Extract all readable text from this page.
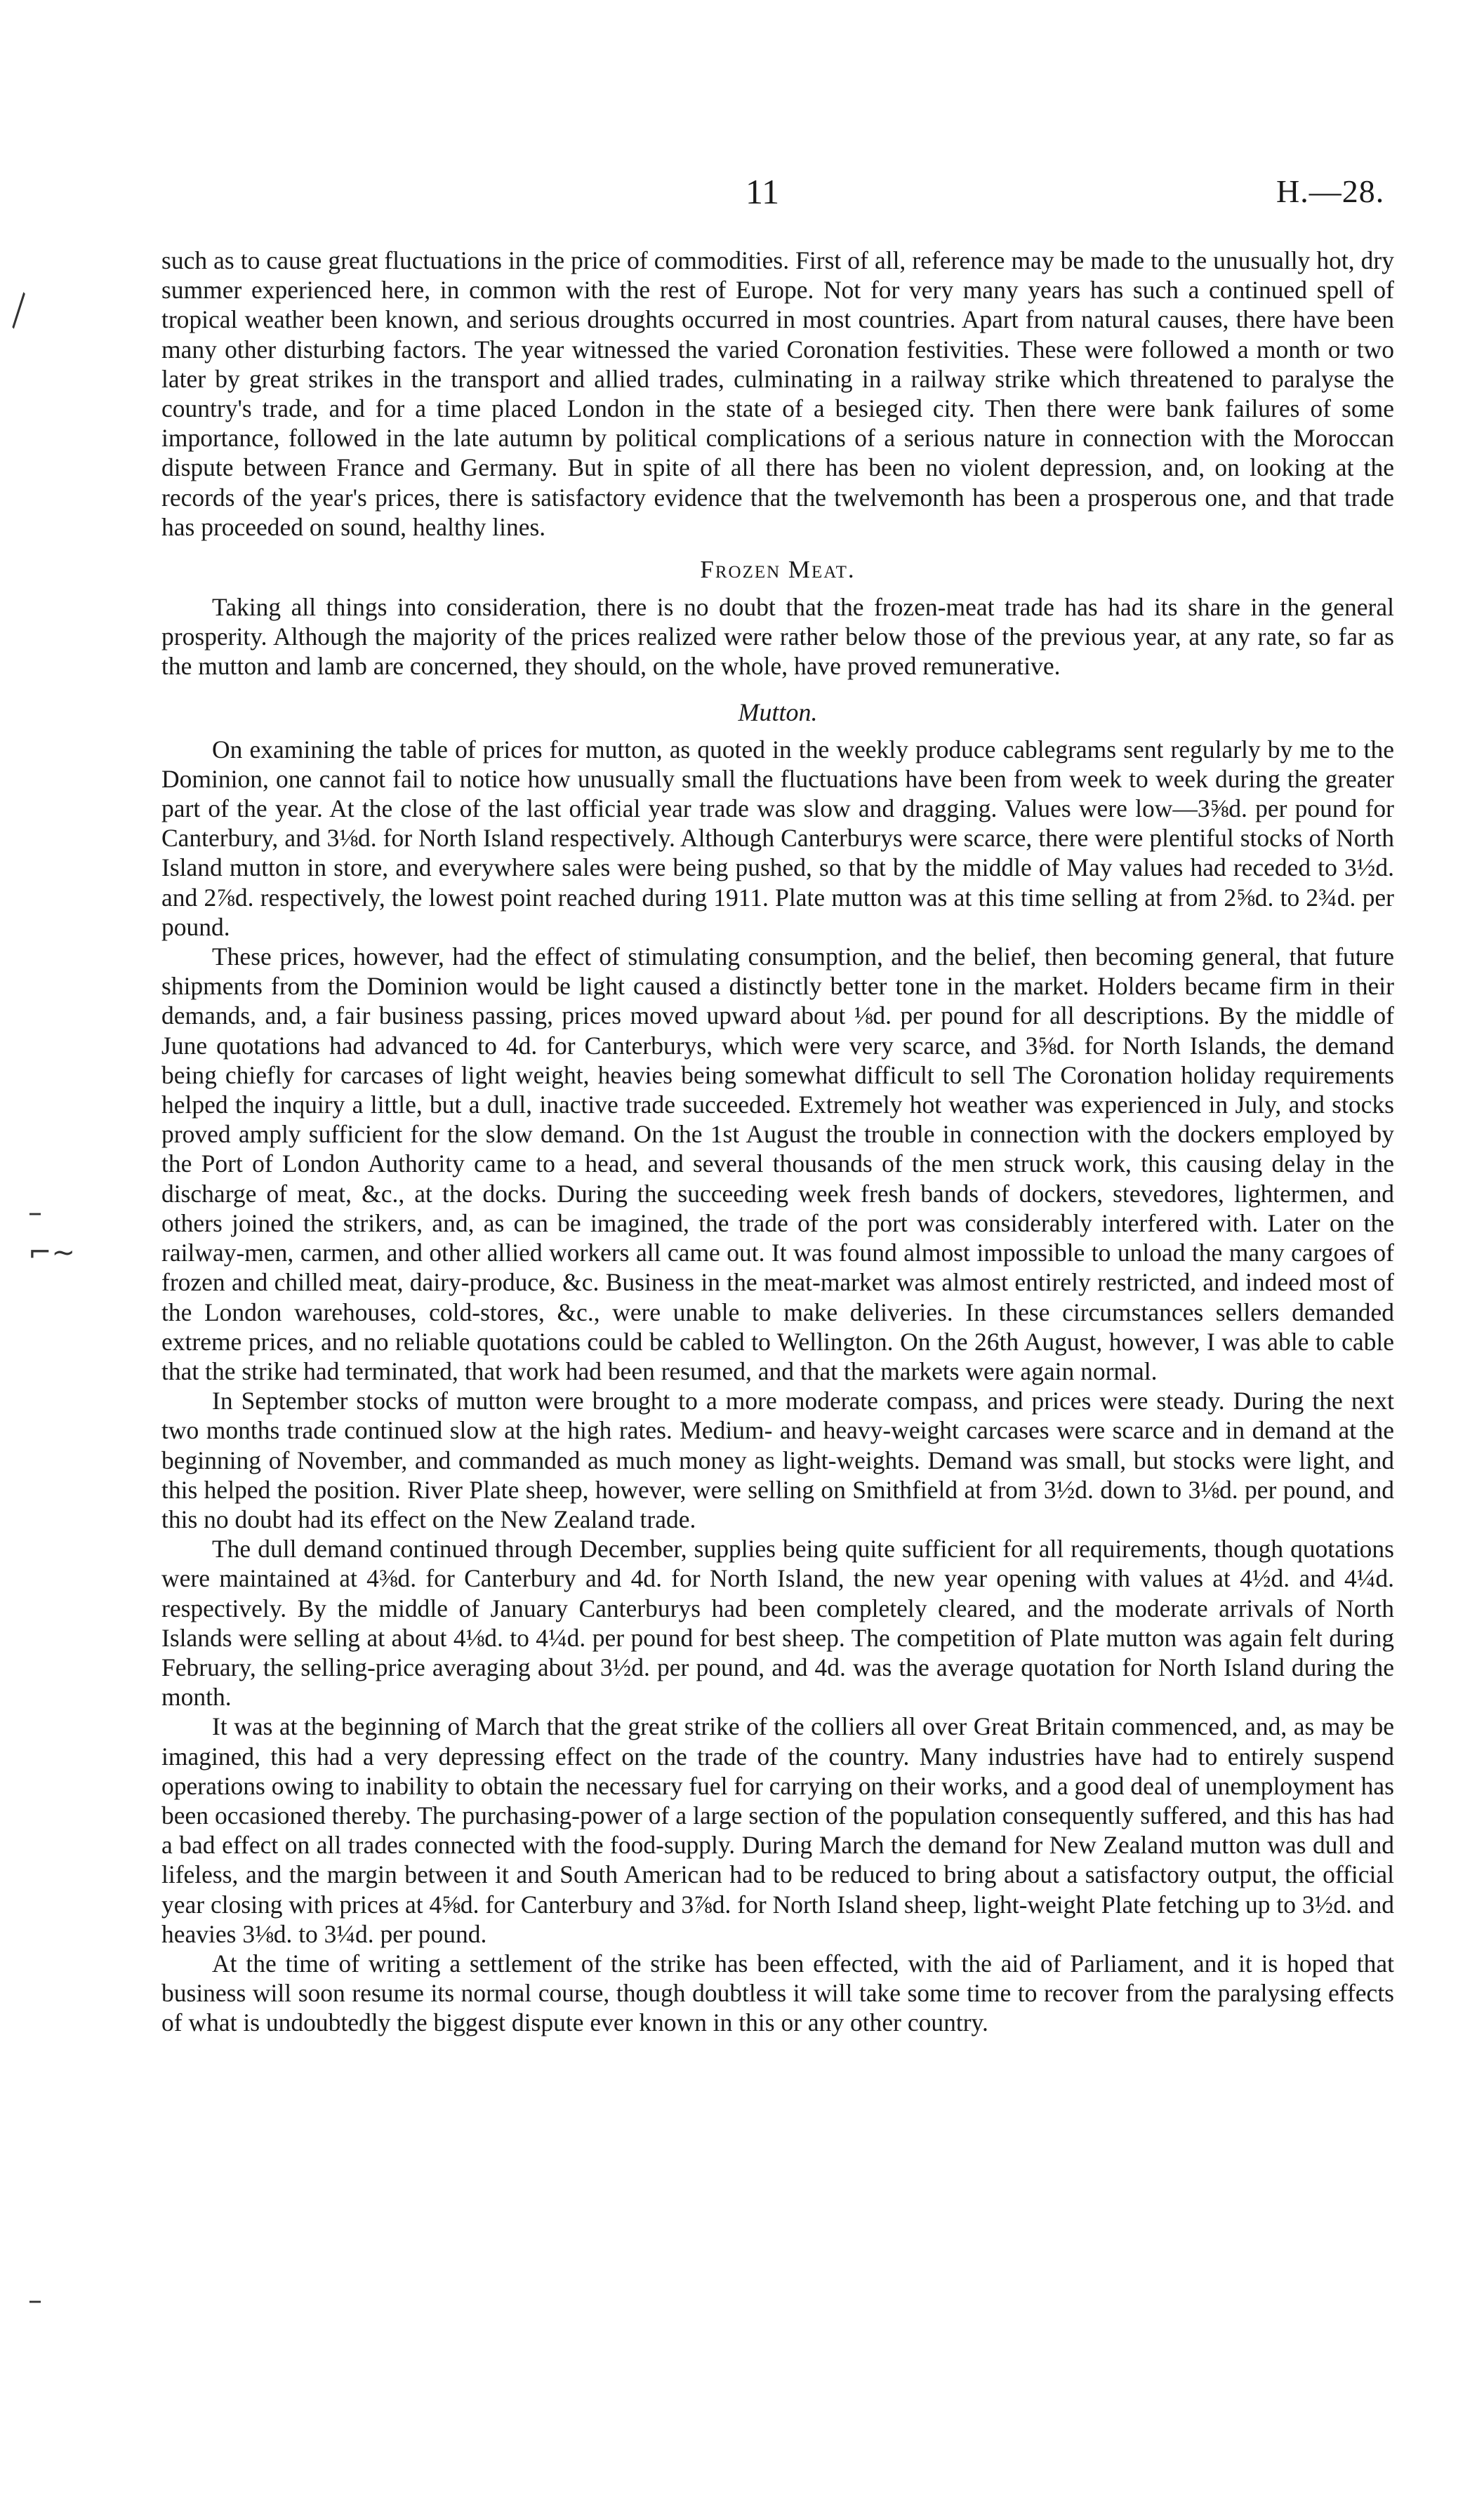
11	H.—28.
╲
–
⌐~
–

such as to cause great fluctuations in the price of commodities. First of all, reference may be made to the unusually hot, dry summer experienced here, in common with the rest of Europe. Not for very many years has such a continued spell of tropical weather been known, and serious droughts occurred in most countries. Apart from natural causes, there have been many other disturbing factors. The year witnessed the varied Coronation festivities. These were followed a month or two later by great strikes in the transport and allied trades, culminating in a railway strike which threatened to paralyse the country's trade, and for a time placed London in the state of a besieged city. Then there were bank failures of some importance, followed in the late autumn by political complications of a serious nature in connection with the Moroccan dispute between France and Germany. But in spite of all there has been no violent depression, and, on looking at the records of the year's prices, there is satisfactory evidence that the twelvemonth has been a prosperous one, and that trade has proceeded on sound, healthy lines.

Frozen Meat.

Taking all things into consideration, there is no doubt that the frozen-meat trade has had its share in the general prosperity. Although the majority of the prices realized were rather below those of the previous year, at any rate, so far as the mutton and lamb are concerned, they should, on the whole, have proved remunerative.

Mutton.

On examining the table of prices for mutton, as quoted in the weekly produce cablegrams sent regularly by me to the Dominion, one cannot fail to notice how unusually small the fluctuations have been from week to week during the greater part of the year. At the close of the last official year trade was slow and dragging. Values were low—3⅝d. per pound for Canterbury, and 3⅛d. for North Island respectively. Although Canterburys were scarce, there were plentiful stocks of North Island mutton in store, and everywhere sales were being pushed, so that by the middle of May values had receded to 3½d. and 2⅞d. respectively, the lowest point reached during 1911. Plate mutton was at this time selling at from 2⅝d. to 2¾d. per pound.

These prices, however, had the effect of stimulating consumption, and the belief, then becoming general, that future shipments from the Dominion would be light caused a distinctly better tone in the market. Holders became firm in their demands, and, a fair business passing, prices moved upward about ⅛d. per pound for all descriptions. By the middle of June quotations had advanced to 4d. for Canterburys, which were very scarce, and 3⅝d. for North Islands, the demand being chiefly for carcases of light weight, heavies being somewhat difficult to sell The Coronation holiday requirements helped the inquiry a little, but a dull, inactive trade succeeded. Extremely hot weather was experienced in July, and stocks proved amply sufficient for the slow demand. On the 1st August the trouble in connection with the dockers employed by the Port of London Authority came to a head, and several thousands of the men struck work, this causing delay in the discharge of meat, &c., at the docks. During the succeeding week fresh bands of dockers, stevedores, lightermen, and others joined the strikers, and, as can be imagined, the trade of the port was considerably interfered with. Later on the railway-men, carmen, and other allied workers all came out. It was found almost impossible to unload the many cargoes of frozen and chilled meat, dairy-produce, &c. Business in the meat-market was almost entirely restricted, and indeed most of the London warehouses, cold-stores, &c., were unable to make deliveries. In these circumstances sellers demanded extreme prices, and no reliable quotations could be cabled to Wellington. On the 26th August, however, I was able to cable that the strike had terminated, that work had been resumed, and that the markets were again normal.

In September stocks of mutton were brought to a more moderate compass, and prices were steady. During the next two months trade continued slow at the high rates. Medium- and heavy-weight carcases were scarce and in demand at the beginning of November, and commanded as much money as light-weights. Demand was small, but stocks were light, and this helped the position. River Plate sheep, however, were selling on Smithfield at from 3½d. down to 3⅛d. per pound, and this no doubt had its effect on the New Zealand trade.

The dull demand continued through December, supplies being quite sufficient for all requirements, though quotations were maintained at 4⅜d. for Canterbury and 4d. for North Island, the new year opening with values at 4½d. and 4¼d. respectively. By the middle of January Canterburys had been completely cleared, and the moderate arrivals of North Islands were selling at about 4⅛d. to 4¼d. per pound for best sheep. The competition of Plate mutton was again felt during February, the selling-price averaging about 3½d. per pound, and 4d. was the average quotation for North Island during the month.

It was at the beginning of March that the great strike of the colliers all over Great Britain commenced, and, as may be imagined, this had a very depressing effect on the trade of the country. Many industries have had to entirely suspend operations owing to inability to obtain the necessary fuel for carrying on their works, and a good deal of unemployment has been occasioned thereby. The purchasing-power of a large section of the population consequently suffered, and this has had a bad effect on all trades connected with the food-supply. During March the demand for New Zealand mutton was dull and lifeless, and the margin between it and South American had to be reduced to bring about a satisfactory output, the official year closing with prices at 4⅝d. for Canterbury and 3⅞d. for North Island sheep, light-weight Plate fetching up to 3½d. and heavies 3⅛d. to 3¼d. per pound.

At the time of writing a settlement of the strike has been effected, with the aid of Parliament, and it is hoped that business will soon resume its normal course, though doubtless it will take some time to recover from the paralysing effects of what is undoubtedly the biggest dispute ever known in this or any other country.
